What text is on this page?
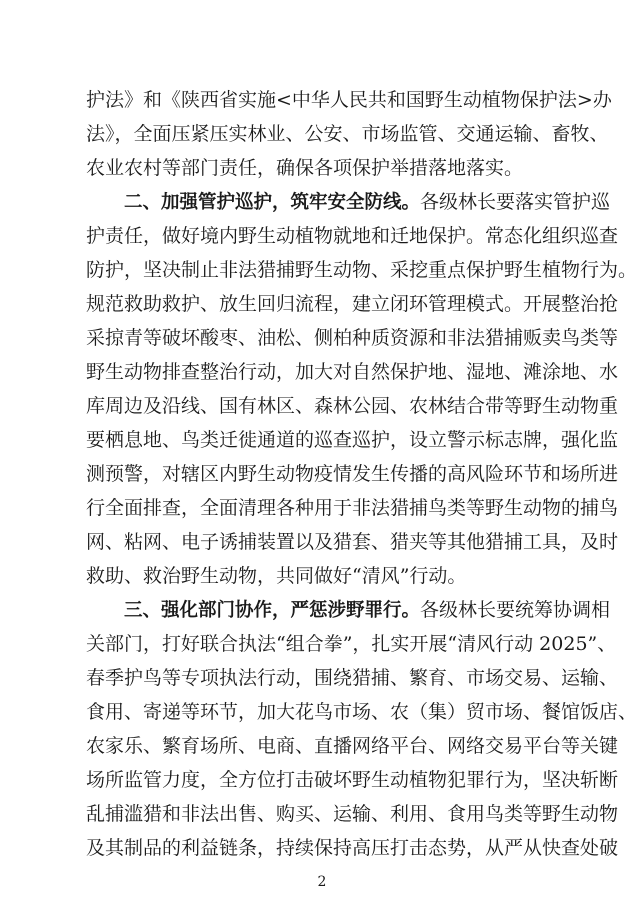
护法》和《陕西省实施<中华人民共和国野生动植物保护法>办
法》，全面压紧压实林业、公安、市场监管、交通运输、畜牧、
农业农村等部门责任，确保各项保护举措落地落实。
二、加强管护巡护，筑牢安全防线。各级林长要落实管护巡
护责任，做好境内野生动植物就地和迁地保护。常态化组织巡查
防护，坚决制止非法猎捕野生动物、采挖重点保护野生植物行为。
规范救助救护、放生回归流程，建立闭环管理模式。开展整治抢
采掠青等破坏酸枣、油松、侧柏种质资源和非法猎捕贩卖鸟类等
野生动物排查整治行动，加大对自然保护地、湿地、滩涂地、水
库周边及沿线、国有林区、森林公园、农林结合带等野生动物重
要栖息地、鸟类迁徙通道的巡查巡护，设立警示标志牌，强化监
测预警，对辖区内野生动物疫情发生传播的高风险环节和场所进
行全面排查，全面清理各种用于非法猎捕鸟类等野生动物的捕鸟
网、粘网、电子诱捕装置以及猎套、猎夹等其他猎捕工具，及时
救助、救治野生动物，共同做好“清风”行动。
三、强化部门协作，严惩涉野罪行。各级林长要统筹协调相
关部门，打好联合执法“组合拳”，扎实开展“清风行动 2025”、
春季护鸟等专项执法行动，围绕猎捕、繁育、市场交易、运输、
食用、寄递等环节，加大花鸟市场、农（集）贸市场、餐馆饭店、
农家乐、繁育场所、电商、直播网络平台、网络交易平台等关键
场所监管力度，全方位打击破坏野生动植物犯罪行为，坚决斩断
乱捕滥猎和非法出售、购买、运输、利用、食用鸟类等野生动物
及其制品的利益链条，持续保持高压打击态势，从严从快查处破
2
